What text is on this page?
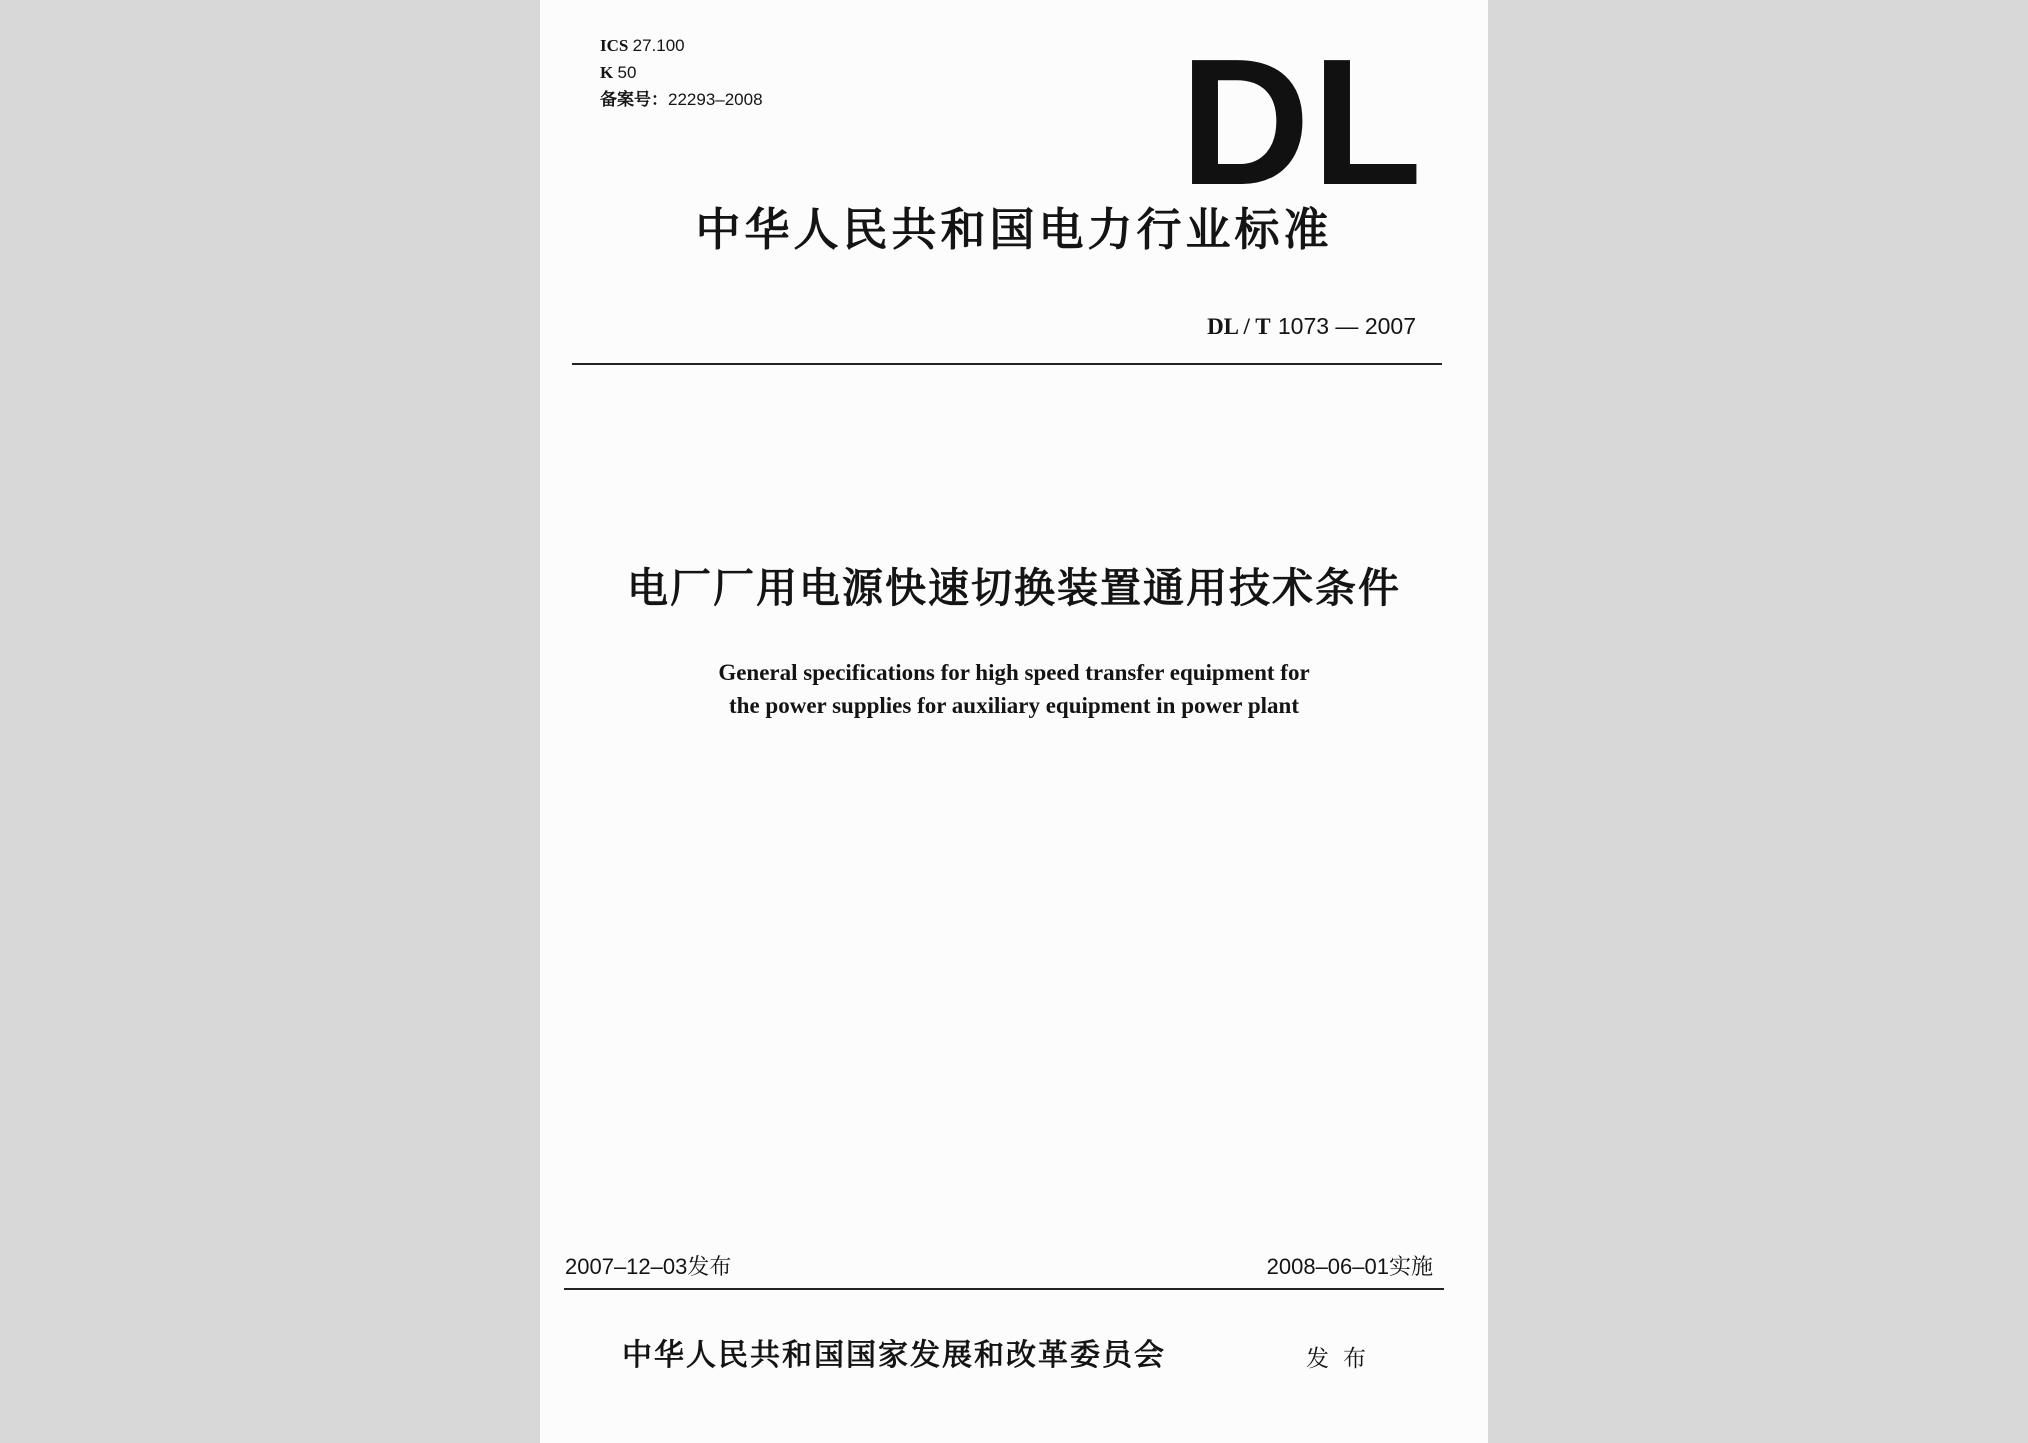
ICS 27.100
K 50
备案号：22293–2008 DL
中华人民共和国电力行业标准
DL / T 1073 — 2007
电厂厂用电源快速切换装置通用技术条件
General specifications for high speed transfer equipment for
the power supplies for auxiliary equipment in power plant
2007–12–03发布	2008–06–01实施
中华人民共和国国家发展和改革委员会	发布
